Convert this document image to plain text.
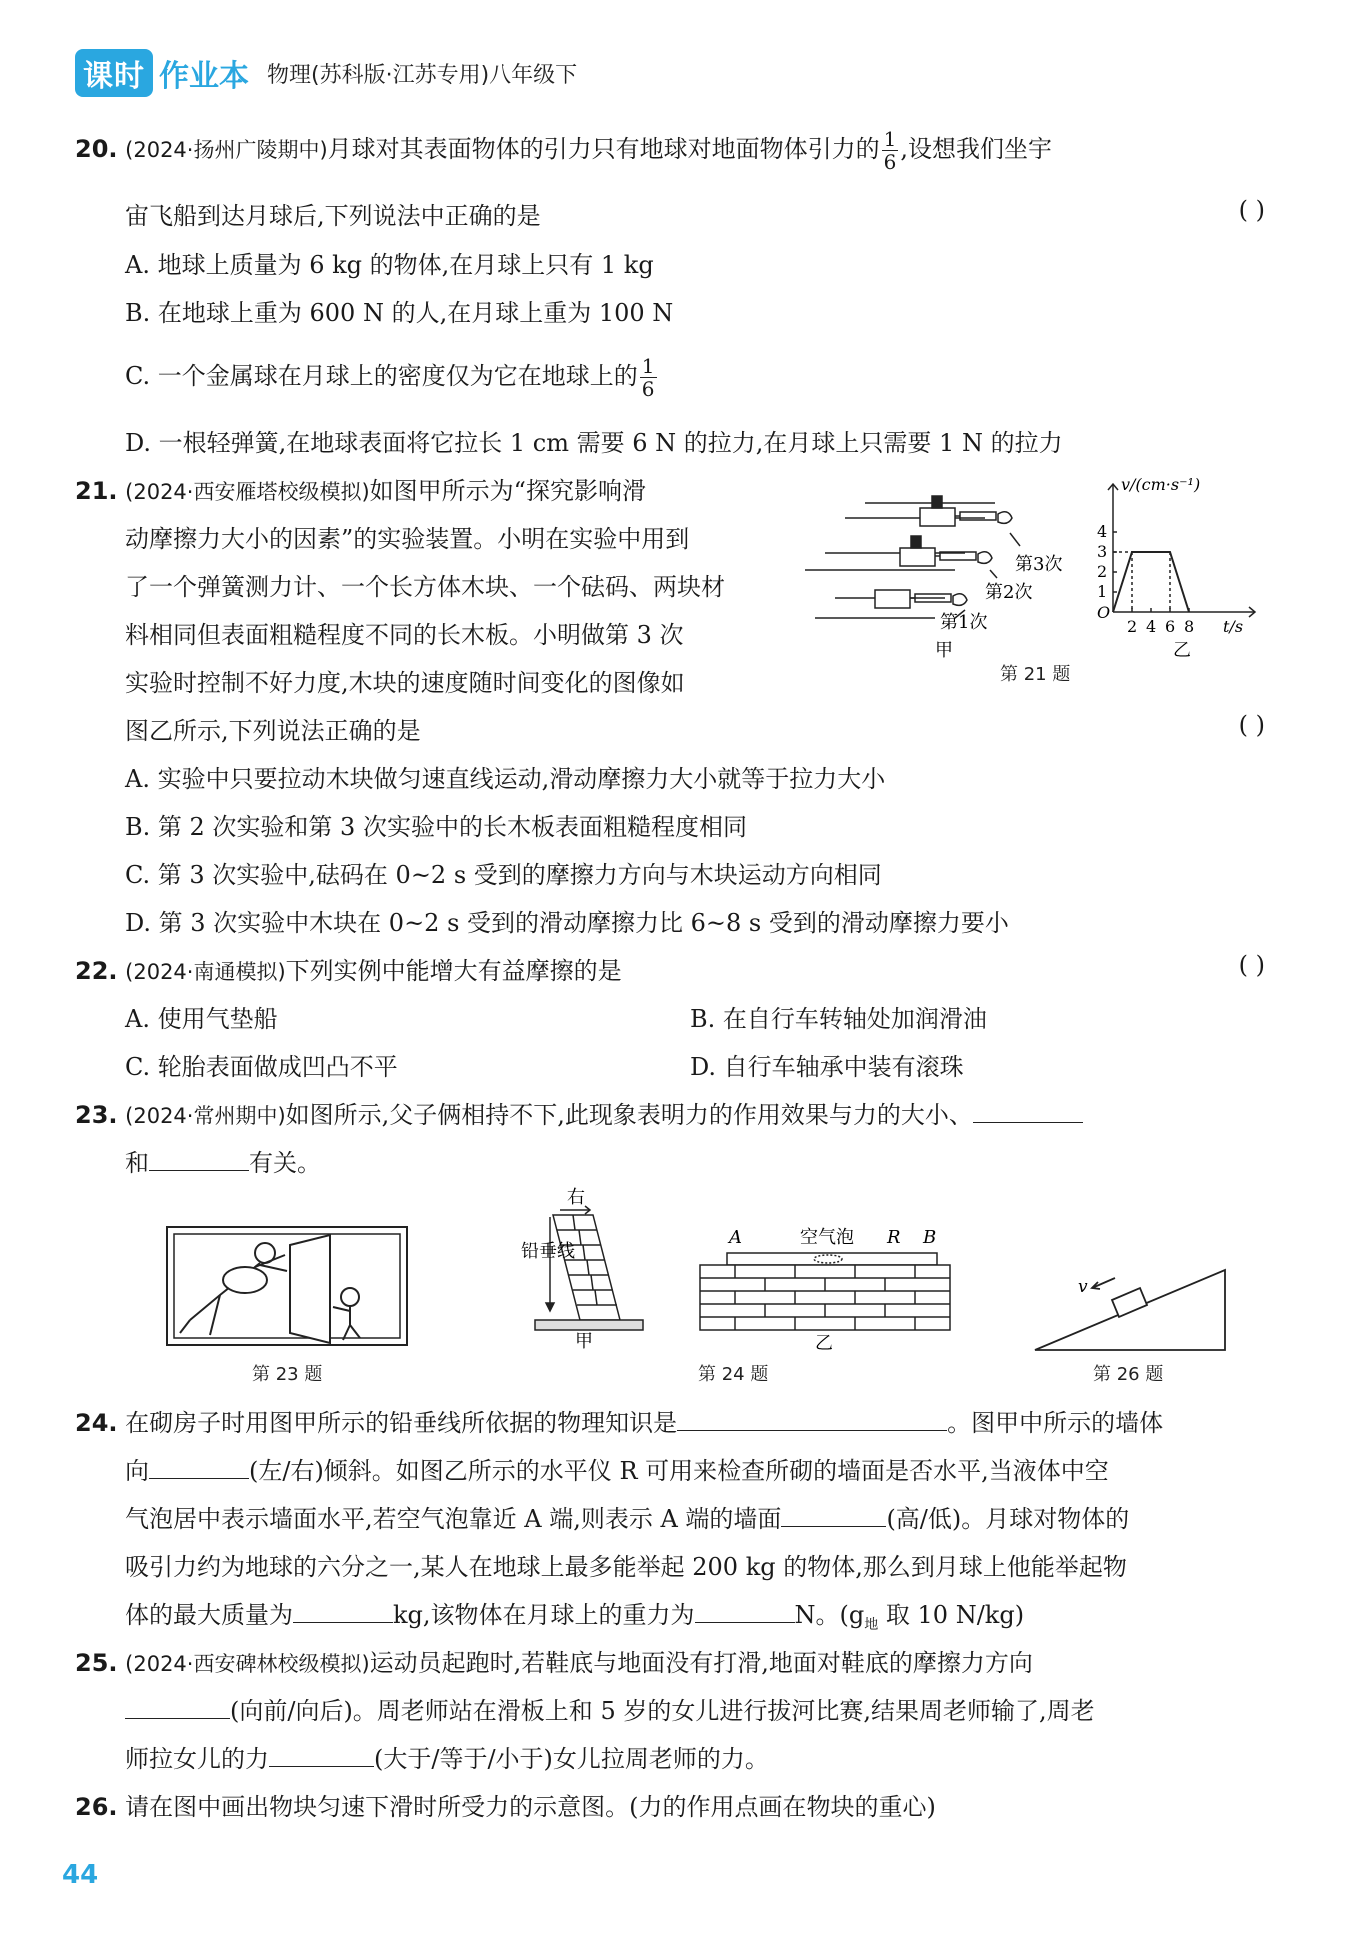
课时 作业本 物理(苏科版·江苏专用)八年级下
20. (2024·扬州广陵期中)月球对其表面物体的引力只有地球对地面物体引力的 $\frac{1}{6}$ ,设想我们坐宇
宙飞船到达月球后,下列说法中正确的是	( )
A. 地球上质量为 6 kg 的物体,在月球上只有 1 kg
B. 在地球上重为 600 N 的人,在月球上重为 100 N
C. 一个金属球在月球上的密度仅为它在地球上的 $\frac{1}{6}$
D. 一根轻弹簧,在地球表面将它拉长 1 cm 需要 6 N 的拉力,在月球上只需要 1 N 的拉力
21. (2024·西安雁塔校级模拟)如图甲所示为“探究影响滑
动摩擦力大小的因素”的实验装置。小明在实验中用到
了一个弹簧测力计、一个长方体木块、一个砝码、两块材
料相同但表面粗糙程度不同的长木板。小明做第 3 次
实验时控制不好力度,木块的速度随时间变化的图像如
图乙所示,下列说法正确的是	( )
第3次
第2次
第1次
甲
v/(cm·s⁻¹)
4
3
2
1
O
2 4 6 8 t/s
乙
第 21 题
A. 实验中只要拉动木块做匀速直线运动,滑动摩擦力大小就等于拉力大小
B. 第 2 次实验和第 3 次实验中的长木板表面粗糙程度相同
C. 第 3 次实验中,砝码在 0~2 s 受到的摩擦力方向与木块运动方向相同
D. 第 3 次实验中木块在 0~2 s 受到的滑动摩擦力比 6~8 s 受到的滑动摩擦力要小
22. (2024·南通模拟)下列实例中能增大有益摩擦的是	( )
A. 使用气垫船	B. 在自行车转轴处加润滑油
C. 轮胎表面做成凹凸不平	D. 自行车轴承中装有滚珠
23. (2024·常州期中)如图所示,父子俩相持不下,此现象表明力的作用效果与力的大小、
和	有关。
第 23 题
右
铅垂线
甲
A	空气泡 R B
乙
第 24 题
v
第 26 题
24. 在砌房子时用图甲所示的铅垂线所依据的物理知识是	。图甲中所示的墙体
向	(左/右)倾斜。如图乙所示的水平仪 R 可用来检查所砌的墙面是否水平,当液体中空
气泡居中表示墙面水平,若空气泡靠近 A 端,则表示 A 端的墙面	(高/低)。月球对物体的
吸引力约为地球的六分之一,某人在地球上最多能举起 200 kg 的物体,那么到月球上他能举起物
体的最大质量为	kg,该物体在月球上的重力为	N。($g_地$ 取 10 N/kg)
25. (2024·西安碑林校级模拟)运动员起跑时,若鞋底与地面没有打滑,地面对鞋底的摩擦力方向
(向前/向后)。周老师站在滑板上和 5 岁的女儿进行拔河比赛,结果周老师输了,周老
师拉女儿的力	(大于/等于/小于)女儿拉周老师的力。
26. 请在图中画出物块匀速下滑时所受力的示意图。(力的作用点画在物块的重心)
44
